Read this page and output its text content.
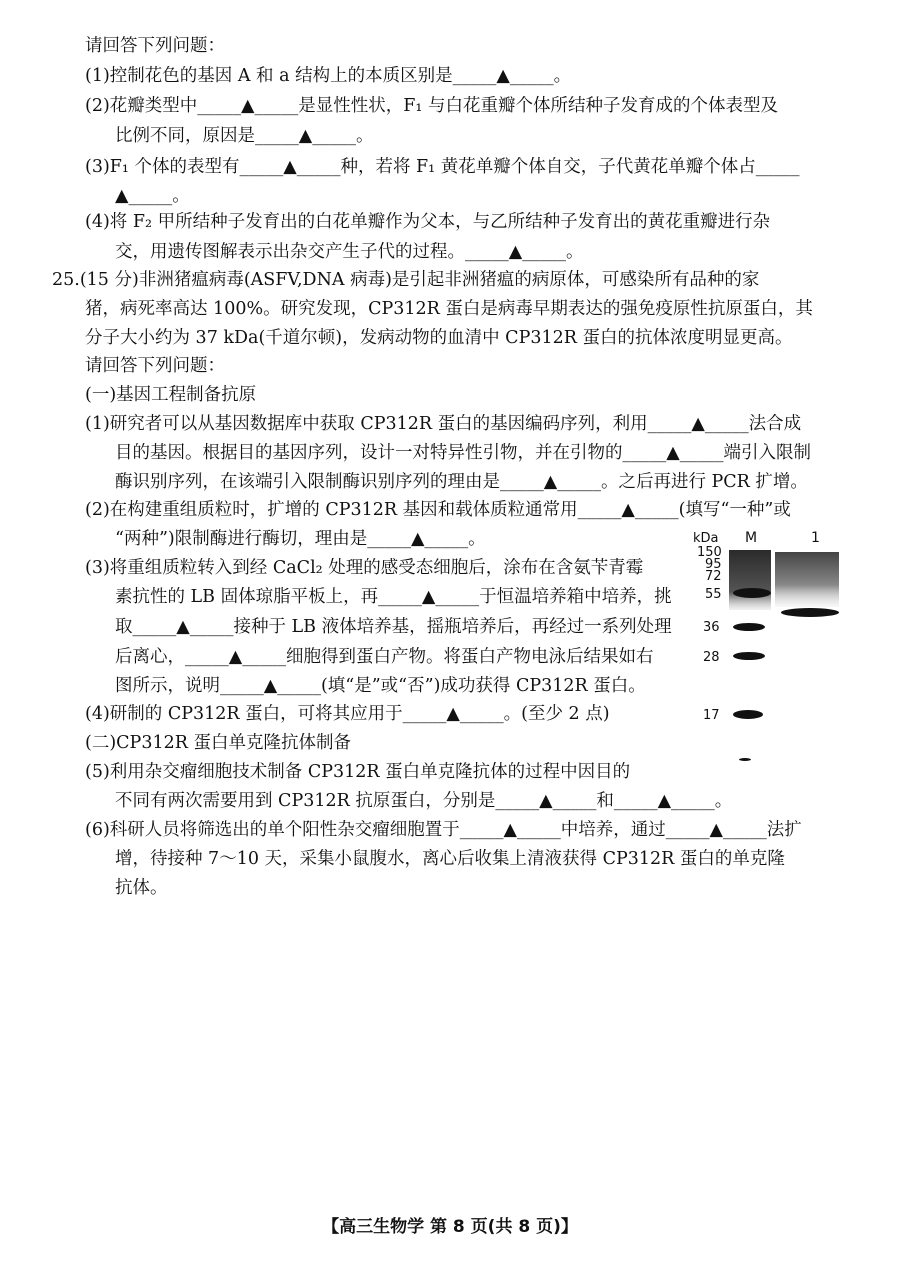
请回答下列问题：
(1)控制花色的基因 A 和 a 结构上的本质区别是_____▲_____。
(2)花瓣类型中_____▲_____是显性性状，F₁ 与白花重瓣个体所结种子发育成的个体表型及
比例不同，原因是_____▲_____。
(3)F₁ 个体的表型有_____▲_____种，若将 F₁ 黄花单瓣个体自交，子代黄花单瓣个体占_____
▲_____。
(4)将 F₂ 甲所结种子发育出的白花单瓣作为父本，与乙所结种子发育出的黄花重瓣进行杂
交，用遗传图解表示出杂交产生子代的过程。_____▲_____。
25.(15 分)非洲猪瘟病毒(ASFV,DNA 病毒)是引起非洲猪瘟的病原体，可感染所有品种的家
猪，病死率高达 100%。研究发现，CP312R 蛋白是病毒早期表达的强免疫原性抗原蛋白，其
分子大小约为 37 kDa(千道尔顿)，发病动物的血清中 CP312R 蛋白的抗体浓度明显更高。
请回答下列问题：
(一)基因工程制备抗原
(1)研究者可以从基因数据库中获取 CP312R 蛋白的基因编码序列，利用_____▲_____法合成
目的基因。根据目的基因序列，设计一对特异性引物，并在引物的_____▲_____端引入限制
酶识别序列，在该端引入限制酶识别序列的理由是_____▲_____。之后再进行 PCR 扩增。
(2)在构建重组质粒时，扩增的 CP312R 基因和载体质粒通常用_____▲_____(填写“一种”或
“两种”)限制酶进行酶切，理由是_____▲_____。
(3)将重组质粒转入到经 CaCl₂ 处理的感受态细胞后，涂布在含氨苄青霉
素抗性的 LB 固体琼脂平板上，再_____▲_____于恒温培养箱中培养，挑
取_____▲_____接种于 LB 液体培养基，摇瓶培养后，再经过一系列处理
后离心，_____▲_____细胞得到蛋白产物。将蛋白产物电泳后结果如右
图所示，说明_____▲_____(填“是”或“否”)成功获得 CP312R 蛋白。
(4)研制的 CP312R 蛋白，可将其应用于_____▲_____。(至少 2 点)
(二)CP312R 蛋白单克隆抗体制备
(5)利用杂交瘤细胞技术制备 CP312R 蛋白单克隆抗体的过程中因目的
不同有两次需要用到 CP312R 抗原蛋白，分别是_____▲_____和_____▲_____。
(6)科研人员将筛选出的单个阳性杂交瘤细胞置于_____▲_____中培养，通过_____▲_____法扩
增，待接种 7～10 天，采集小鼠腹水，离心后收集上清液获得 CP312R 蛋白的单克隆
抗体。
kDa M	1
150
95
72
55
36
28
17
【高三生物学 第 8 页(共 8 页)】
